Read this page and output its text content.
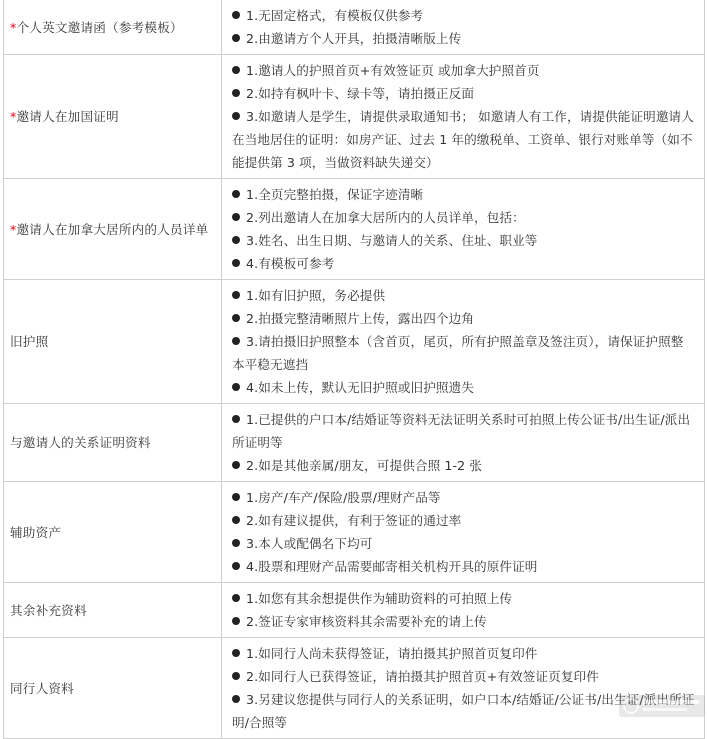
*个人英文邀请函（参考模板）	1.无固定格式，有模板仅供参考
2.由邀请方个人开具，拍摄清晰版上传

*邀请人在加国证明	1.邀请人的护照首页+有效签证页 或加拿大护照首页
2.如持有枫叶卡、绿卡等，请拍摄正反面
3.如邀请人是学生，请提供录取通知书； 如邀请人有工作，请提供能证明邀请人在当地居住的证明：如房产证、过去 1 年的缴税单、工资单、银行对账单等（如不能提供第 3 项，当做资料缺失递交）

*邀请人在加拿大居所内的人员详单	1.全页完整拍摄，保证字迹清晰
2.列出邀请人在加拿大居所内的人员详单，包括：
3.姓名、出生日期、与邀请人的关系、住址、职业等
4.有模板可参考

旧护照	1.如有旧护照，务必提供
2.拍摄完整清晰照片上传，露出四个边角
3.请拍摄旧护照整本（含首页，尾页，所有护照盖章及签注页），请保证护照整本平稳无遮挡
4.如未上传，默认无旧护照或旧护照遗失

与邀请人的关系证明资料	1.已提供的户口本/结婚证等资料无法证明关系时可拍照上传公证书/出生证/派出所证明等
2.如是其他亲属/朋友，可提供合照 1-2 张

辅助资产	1.房产/车产/保险/股票/理财产品等
2.如有建议提供，有利于签证的通过率
3.本人或配偶名下均可
4.股票和理财产品需要邮寄相关机构开具的原件证明

其余补充资料	1.如您有其余想提供作为辅助资料的可拍照上传
2.签证专家审核资料其余需要补充的请上传

同行人资料	1.如同行人尚未获得签证，请拍摄其护照首页复印件
2.如同行人已获得签证，请拍摄其护照首页+有效签证页复印件
3.另建议您提供与同行人的关系证明，如户口本/结婚证/公证书/出生证/派出所证明/合照等
